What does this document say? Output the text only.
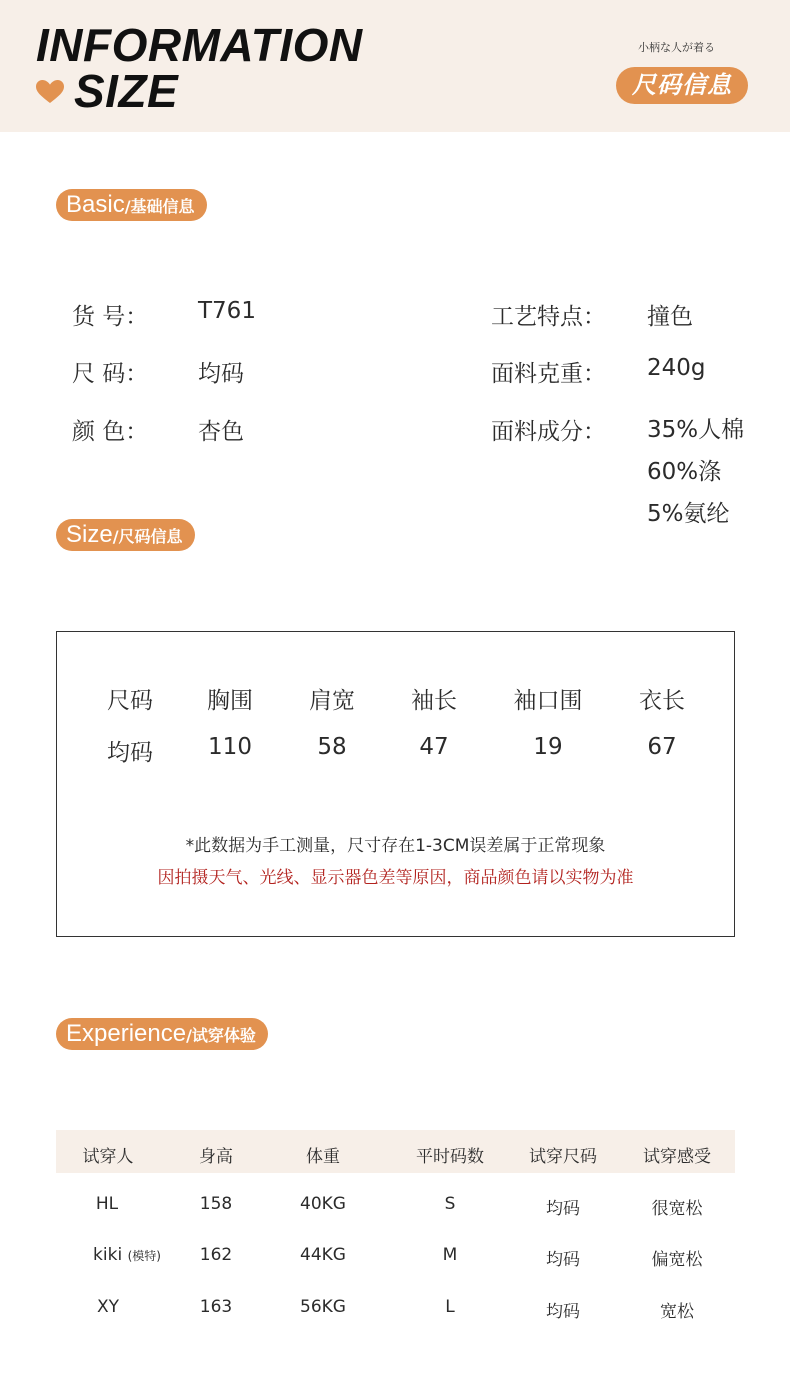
INFORMATION
SIZE
小柄な人が着る
尺码信息
Basic/基础信息
货 号： T761
尺 码： 均码
颜 色： 杏色
工艺特点： 撞色
面料克重： 240g
面料成分： 35%人棉
60%涤
5%氨纶
Size/尺码信息
尺码	胸围	肩宽	袖长	袖口围	衣长
均码	110	58	47	19	67
*此数据为手工测量，尺寸存在1-3CM误差属于正常现象
因拍摄天气、光线、显示器色差等原因，商品颜色请以实物为准
Experience/试穿体验
试穿人	身高	体重	平时码数	试穿尺码	试穿感受
HL	158	40KG	S	均码	很宽松
kiki (模特)	162	44KG	M	均码	偏宽松
XY	163	56KG	L	均码	宽松
